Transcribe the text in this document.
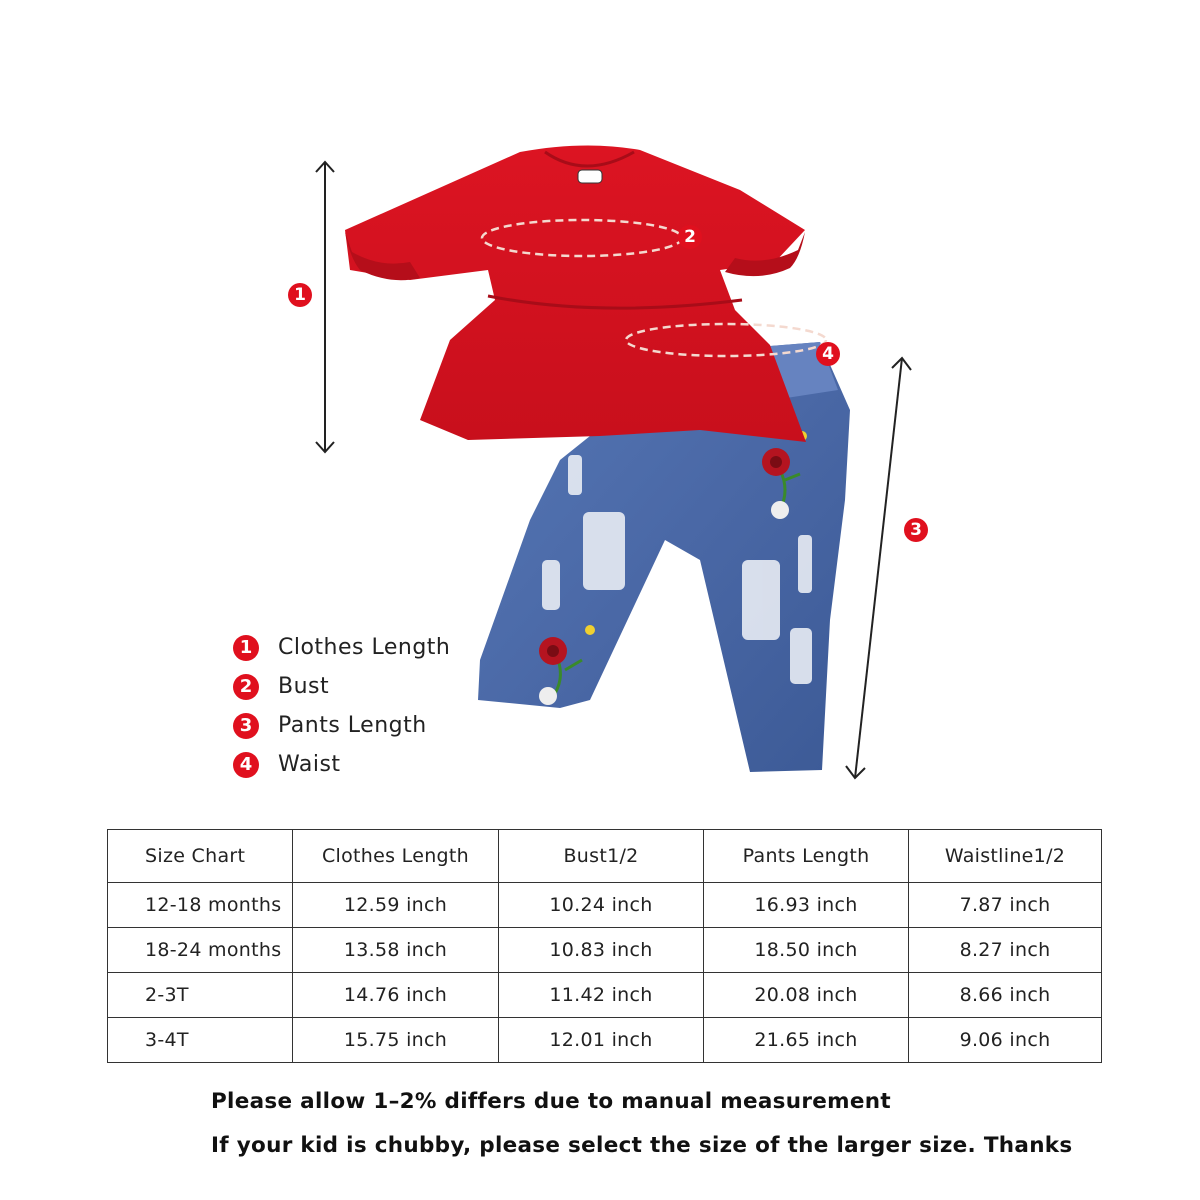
1
2
3
4
1	Clothes Length
2	Bust
3	Pants Length
4	Waist
Size Chart	Clothes Length	Bust1/2	Pants Length	Waistline1/2
12-18 months	12.59 inch	10.24 inch	16.93 inch	7.87 inch
18-24 months	13.58 inch	10.83 inch	18.50 inch	8.27 inch
2-3T	14.76 inch	11.42 inch	20.08 inch	8.66 inch
3-4T	15.75 inch	12.01 inch	21.65 inch	9.06 inch
Please allow 1–2% differs due to manual measurement
If your kid is chubby, please select the size of the larger size. Thanks
